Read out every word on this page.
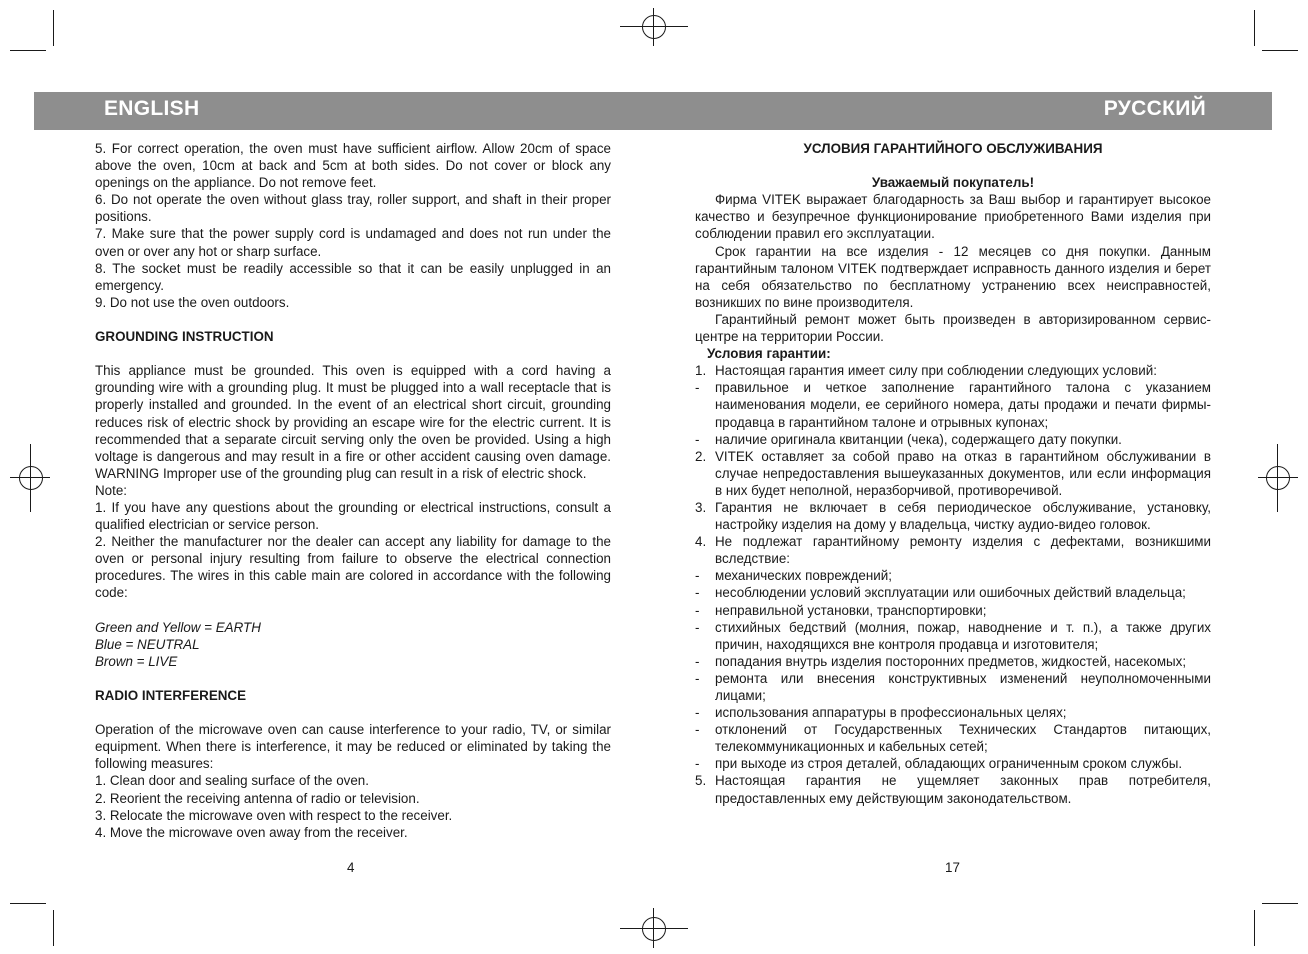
ENGLISH	РУССКИЙ

5. For correct operation, the oven must have sufficient airflow. Allow 20cm of space above the oven, 10cm at back and 5cm at both sides. Do not cover or block any openings on the appliance. Do not remove feet.

6. Do not operate the oven without glass tray, roller support, and shaft in their proper positions.

7. Make sure that the power supply cord is undamaged and does not run under the oven or over any hot or sharp surface.

8. The socket must be readily accessible so that it can be easily unplugged in an emergency.

9. Do not use the oven outdoors.

GROUNDING INSTRUCTION

This appliance must be grounded. This oven is equipped with a cord having a grounding wire with a grounding plug. It must be plugged into a wall receptacle that is properly installed and grounded. In the event of an electrical short circuit, grounding reduces risk of electric shock by providing an escape wire for the electric current. It is recommended that a separate circuit serving only the oven be provided. Using a high voltage is dangerous and may result in a fire or other accident causing oven damage. WARNING Improper use of the grounding plug can result in a risk of electric shock.

Note:

1. If you have any questions about the grounding or electrical instructions, consult a qualified electrician or service person.

2. Neither the manufacturer nor the dealer can accept any liability for damage to the oven or personal injury resulting from failure to observe the electrical connection procedures. The wires in this cable main are colored in accordance with the following code:

Green and Yellow = EARTH

Blue = NEUTRAL

Brown = LIVE

RADIO INTERFERENCE

Operation of the microwave oven can cause interference to your radio, TV, or similar equipment. When there is interference, it may be reduced or eliminated by taking the following measures:

1. Clean door and sealing surface of the oven.

2. Reorient the receiving antenna of radio or television.

3. Relocate the microwave oven with respect to the receiver.

4. Move the microwave oven away from the receiver.

УСЛОВИЯ ГАРАНТИЙНОГО ОБСЛУЖИВАНИЯ

Уважаемый покупатель!

Фирма VITEK выражает благодарность за Ваш выбор и гарантирует высокое качество и безупречное функционирование приобретенного Вами изделия при соблюдении правил его эксплуатации.

Срок гарантии на все изделия - 12 месяцев со дня покупки. Данным гарантийным талоном VITEK подтверждает исправность данного изделия и берет на себя обязательство по бесплатному устранению всех неисправностей, возникших по вине производителя.

Гарантийный ремонт может быть произведен в авторизированном сервис-центре на территории России.

Условия гарантии:

1. Настоящая гарантия имеет силу при соблюдении следующих условий:
-	правильное и четкое заполнение гарантийного талона с указанием наименования модели, ее серийного номера, даты продажи и печати фирмы-продавца в гарантийном талоне и отрывных купонах;
-	наличие оригинала квитанции (чека), содержащего дату покупки.
2. VITEK оставляет за собой право на отказ в гарантийном обслуживании в случае непредоставления вышеуказанных документов, или если информация в них будет неполной, неразборчивой, противоречивой.
3. Гарантия не включает в себя периодическое обслуживание, установку, настройку изделия на дому у владельца, чистку аудио-видео головок.
4. Не подлежат гарантийному ремонту изделия с дефектами, возникшими вследствие:
-	механических повреждений;
-	несоблюдении условий эксплуатации или ошибочных действий владельца;
-	неправильной установки, транспортировки;
-	стихийных бедствий (молния, пожар, наводнение и т. п.), а также других причин, находящихся вне контроля продавца и изготовителя;
-	попадания внутрь изделия посторонних предметов, жидкостей, насекомых;
-	ремонта или внесения конструктивных изменений неуполномоченными лицами;
-	использования аппаратуры в профессиональных целях;
-	отклонений от Государственных Технических Стандартов питающих, телекоммуникационных и кабельных сетей;
-	при выходе из строя деталей, обладающих ограниченным сроком службы.
5. Настоящая гарантия не ущемляет законных прав потребителя, предоставленных ему действующим законодательством.
4	17
